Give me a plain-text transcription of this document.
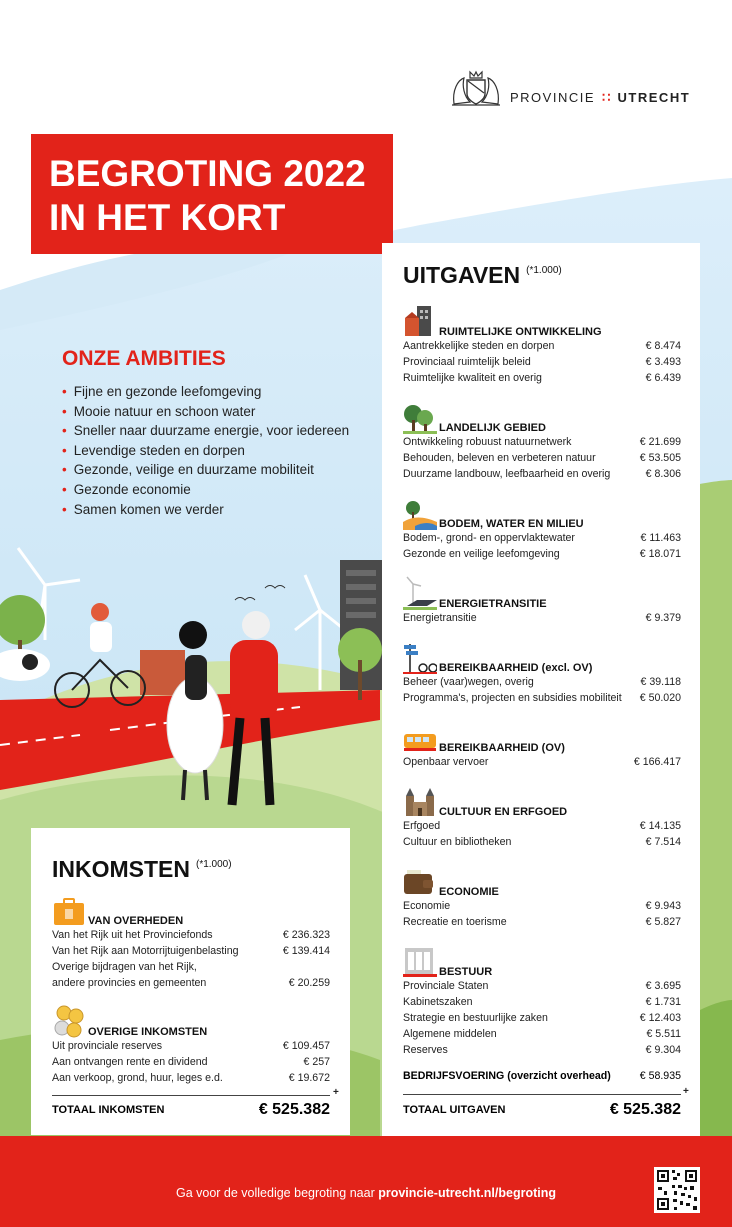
PROVINCIE ∷ UTRECHT
BEGROTING 2022
IN HET KORT
ONZE AMBITIES
• Fijne en gezonde leefomgeving
• Mooie natuur en schoon water
• Sneller naar duurzame energie, voor iedereen
• Levendige steden en dorpen
• Gezonde, veilige en duurzame mobiliteit
• Gezonde economie
• Samen komen we verder
UITGAVEN $^{(*1.000)}$
RUIMTELIJKE ONTWIKKELING
Aantrekkelijke steden en dorpen	€ 8.474
Provinciaal ruimtelijk beleid	€ 3.493
Ruimtelijke kwaliteit en overig	€ 6.439
LANDELIJK GEBIED
Ontwikkeling robuust natuurnetwerk	€ 21.699
Behouden, beleven en verbeteren natuur	€ 53.505
Duurzame landbouw, leefbaarheid en overig	€ 8.306
BODEM, WATER EN MILIEU
Bodem-, grond- en oppervlaktewater	€ 11.463
Gezonde en veilige leefomgeving	€ 18.071
ENERGIETRANSITIE
Energietransitie	€ 9.379
BEREIKBAARHEID (excl. OV)
Beheer (vaar)wegen, overig	€ 39.118
Programma's, projecten en subsidies mobiliteit € 50.020
BEREIKBAARHEID (OV)
Openbaar vervoer	€ 166.417
CULTUUR EN ERFGOED
Erfgoed	€ 14.135
Cultuur en bibliotheken	€ 7.514
ECONOMIE
Economie	€ 9.943
Recreatie en toerisme	€ 5.827
BESTUUR
Provinciale Staten	€ 3.695
Kabinetszaken	€ 1.731
Strategie en bestuurlijke zaken	€ 12.403
Algemene middelen	€ 5.511
Reserves	€ 9.304
BEDRIJFSVOERING (overzicht overhead)	€ 58.935
+
TOTAAL UITGAVEN	€ 525.382
INKOMSTEN $^{(*1.000)}$
VAN OVERHEDEN
Van het Rijk uit het Provinciefonds	€ 236.323
Van het Rijk aan Motorrijtuigenbelasting	€ 139.414
Overige bijdragen van het Rijk,
andere provincies en gemeenten	€ 20.259
OVERIGE INKOMSTEN
Uit provinciale reserves	€ 109.457
Aan ontvangen rente en dividend	€ 257
Aan verkoop, grond, huur, leges e.d.	€ 19.672
+
TOTAAL INKOMSTEN	€ 525.382
Ga voor de volledige begroting naar provincie-utrecht.nl/begroting
